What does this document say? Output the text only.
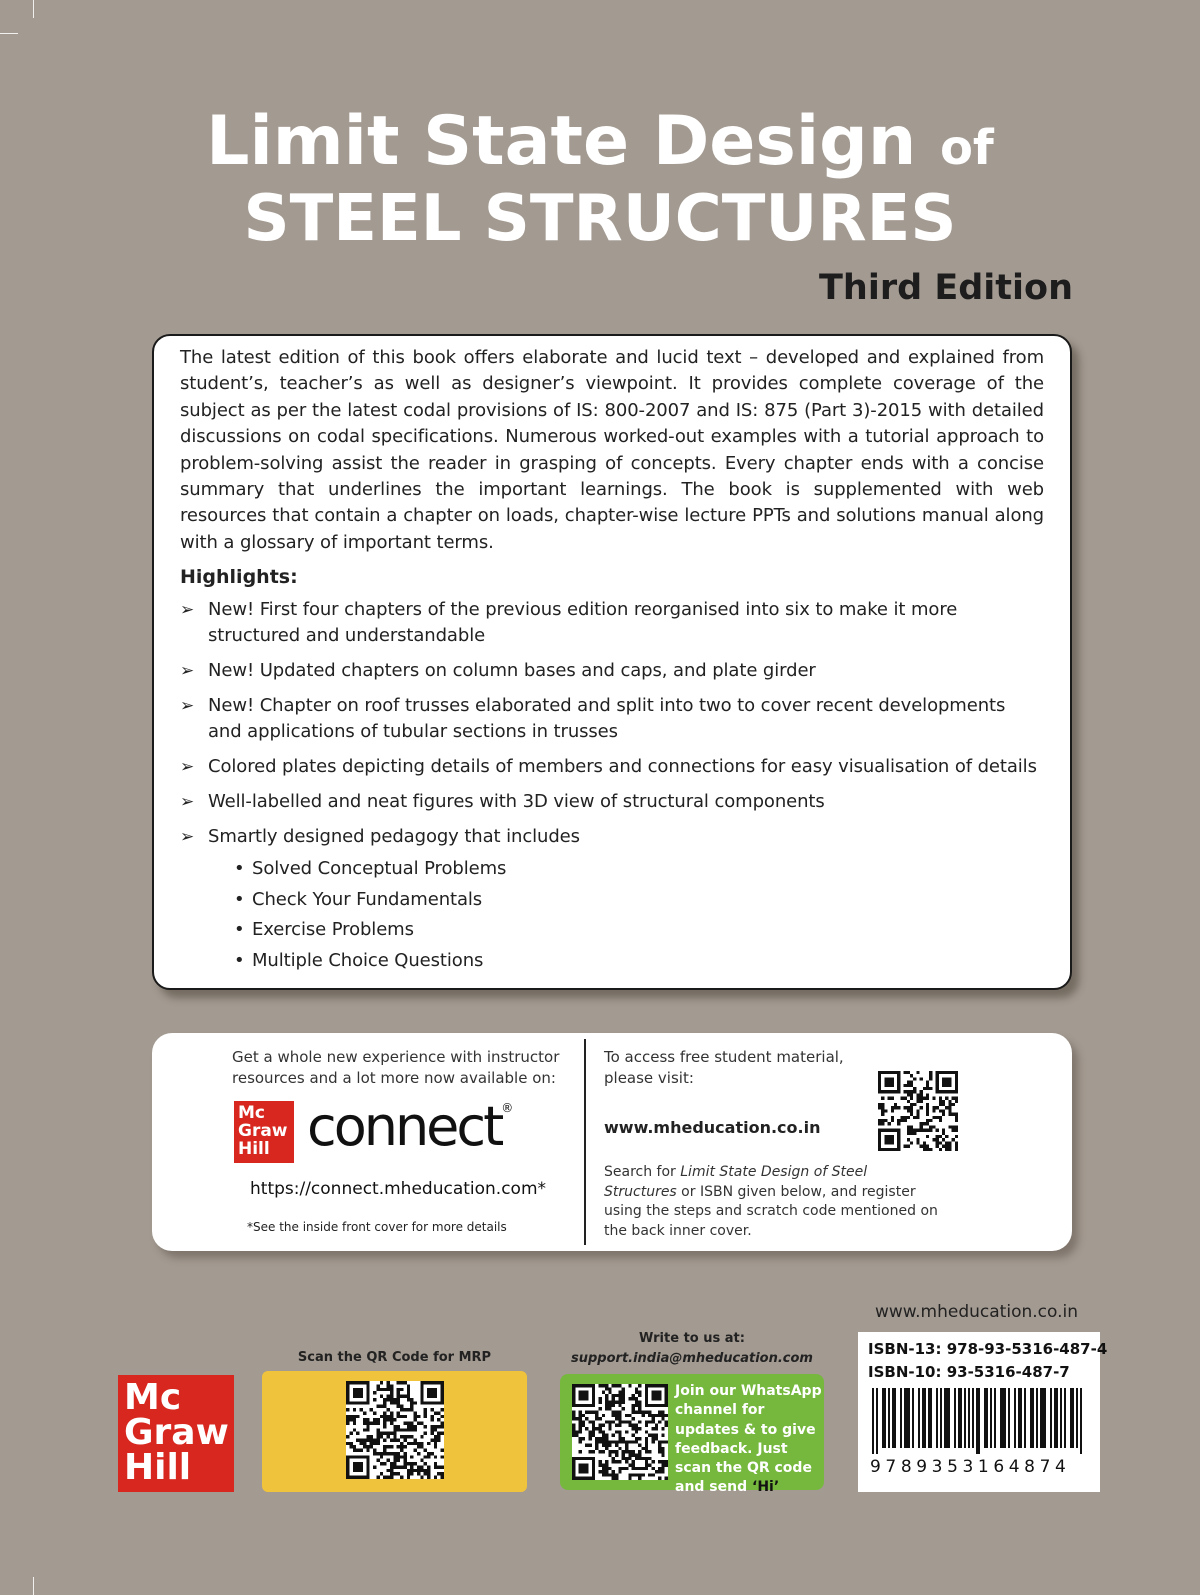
Limit State Design of
STEEL STRUCTURES
Third Edition

The latest edition of this book offers elaborate and lucid text – developed and explained from student’s, teacher’s as well as designer’s viewpoint. It provides complete coverage of the subject as per the latest codal provisions of IS: 800-2007 and IS: 875 (Part 3)-2015 with detailed discussions on codal specifications. Numerous worked-out examples with a tutorial approach to problem-solving assist the reader in grasping of concepts. Every chapter ends with a concise summary that underlines the important learnings. The book is supplemented with web resources that contain a chapter on loads, chapter-wise lecture PPTs and solutions manual along with a glossary of important terms.

Highlights:
➢ New! First four chapters of the previous edition reorganised into six to make it more structured and understandable
➢ New! Updated chapters on column bases and caps, and plate girder
➢ New! Chapter on roof trusses elaborated and split into two to cover recent developments and applications of tubular sections in trusses
➢ Colored plates depicting details of members and connections for easy visualisation of details
➢ Well-labelled and neat figures with 3D view of structural components
➢ Smartly designed pedagogy that includes
• Solved Conceptual Problems
• Check Your Fundamentals
• Exercise Problems
• Multiple Choice Questions
Get a whole new experience with instructor resources and a lot more now available on:
Mc
Graw
Hill connect®
https://connect.mheducation.com*
*See the inside front cover for more details
To access free student material, please visit:
www.mheducation.co.in
Search for Limit State Design of Steel Structures or ISBN given below, and register using the steps and scratch code mentioned on the back inner cover.
Mc
Graw
Hill
Scan the QR Code for MRP
Write to us at:
support.india@mheducation.com
Join our WhatsApp channel for updates & to give feedback. Just scan the QR code and send ‘Hi’
www.mheducation.co.in
ISBN-13: 978-93-5316-487-4
ISBN-10: 93-5316-487-7
9789353164874
